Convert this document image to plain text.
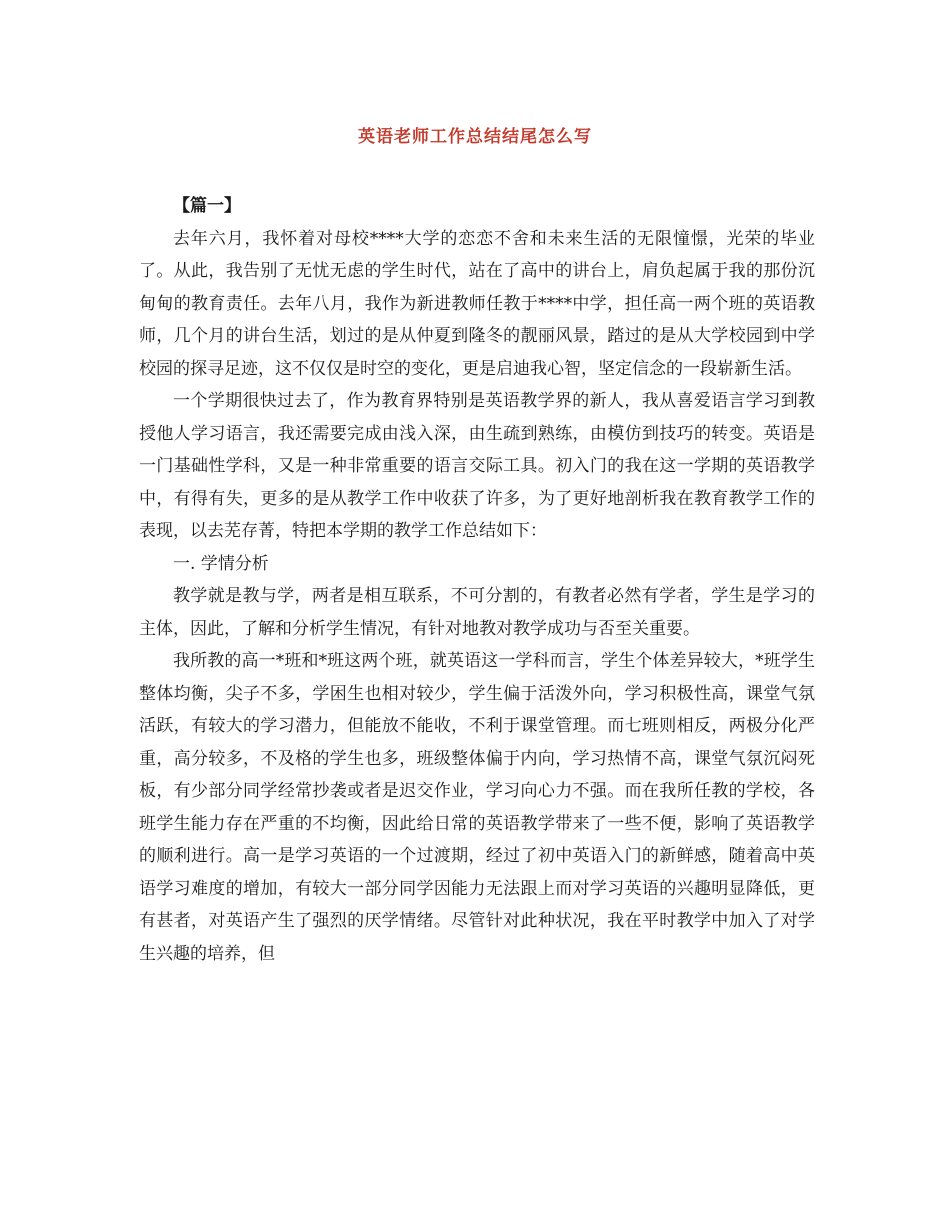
英语老师工作总结结尾怎么写

【篇一】

去年六月，我怀着对母校****大学的恋恋不舍和未来生活的无限憧憬，光荣的毕业了。从此，我告别了无忧无虑的学生时代，站在了高中的讲台上，肩负起属于我的那份沉甸甸的教育责任。去年八月，我作为新进教师任教于****中学，担任高一两个班的英语教师，几个月的讲台生活，划过的是从仲夏到隆冬的靓丽风景，踏过的是从大学校园到中学校园的探寻足迹，这不仅仅是时空的变化，更是启迪我心智，坚定信念的一段崭新生活。

一个学期很快过去了，作为教育界特别是英语教学界的新人，我从喜爱语言学习到教授他人学习语言，我还需要完成由浅入深，由生疏到熟练，由模仿到技巧的转变。英语是一门基础性学科，又是一种非常重要的语言交际工具。初入门的我在这一学期的英语教学中，有得有失，更多的是从教学工作中收获了许多，为了更好地剖析我在教育教学工作的表现，以去芜存菁，特把本学期的教学工作总结如下：

一. 学情分析

教学就是教与学，两者是相互联系，不可分割的，有教者必然有学者，学生是学习的主体，因此，了解和分析学生情况，有针对地教对教学成功与否至关重要。

我所教的高一*班和*班这两个班，就英语这一学科而言，学生个体差异较大，*班学生整体均衡，尖子不多，学困生也相对较少，学生偏于活泼外向，学习积极性高，课堂气氛活跃，有较大的学习潜力，但能放不能收，不利于课堂管理。而七班则相反，两极分化严重，高分较多，不及格的学生也多，班级整体偏于内向，学习热情不高，课堂气氛沉闷死板，有少部分同学经常抄袭或者是迟交作业，学习向心力不强。而在我所任教的学校，各班学生能力存在严重的不均衡，因此给日常的英语教学带来了一些不便，影响了英语教学的顺利进行。高一是学习英语的一个过渡期，经过了初中英语入门的新鲜感，随着高中英语学习难度的增加，有较大一部分同学因能力无法跟上而对学习英语的兴趣明显降低，更有甚者，对英语产生了强烈的厌学情绪。尽管针对此种状况，我在平时教学中加入了对学生兴趣的培养，但
